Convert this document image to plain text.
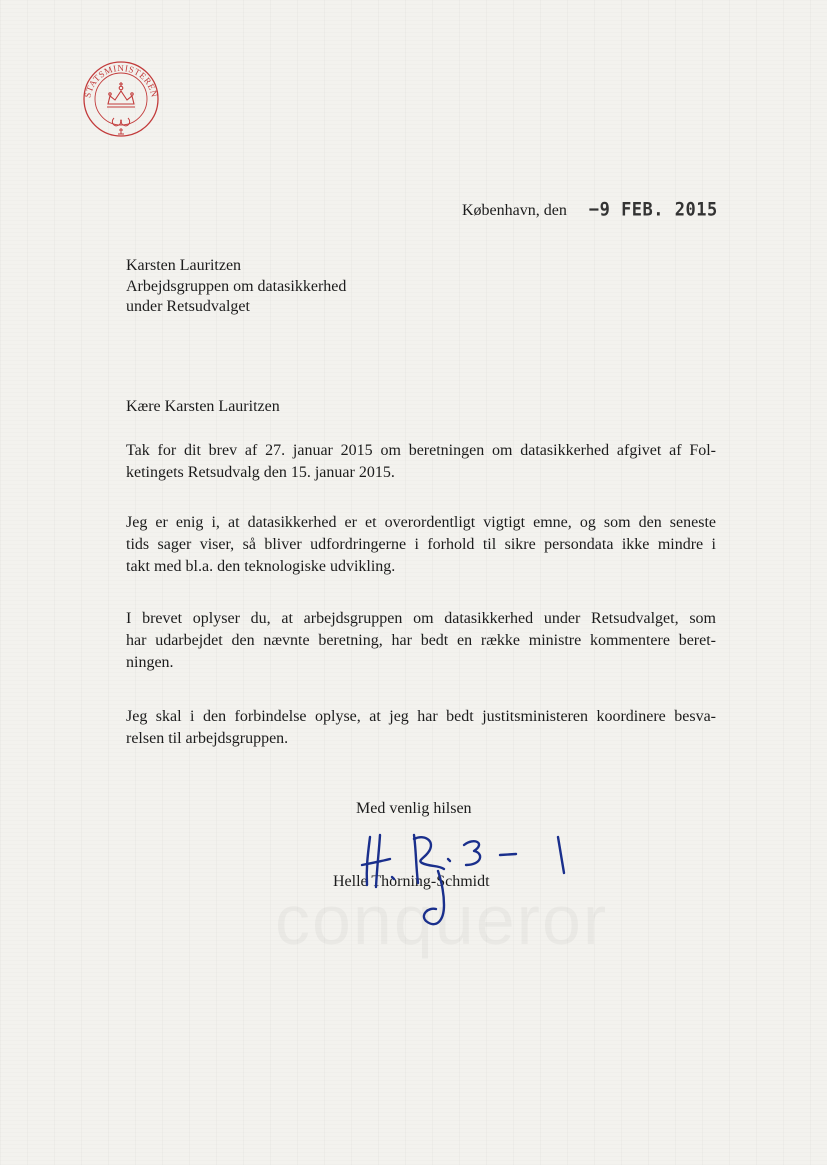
STATSMINISTEREN
København, den −9 FEB. 2015
Karsten Lauritzen
Arbejdsgruppen om datasikkerhed
under Retsudvalget
Kære Karsten Lauritzen
Tak for dit brev af 27. januar 2015 om beretningen om datasikkerhed afgivet af Fol-
ketingets Retsudvalg den 15. januar 2015.
Jeg er enig i, at datasikkerhed er et overordentligt vigtigt emne, og som den seneste
tids sager viser, så bliver udfordringerne i forhold til sikre persondata ikke mindre i
takt med bl.a. den teknologiske udvikling.
I brevet oplyser du, at arbejdsgruppen om datasikkerhed under Retsudvalget, som
har udarbejdet den nævnte beretning, har bedt en række ministre kommentere beret-
ningen.
Jeg skal i den forbindelse oplyse, at jeg har bedt justitsministeren koordinere besva-
relsen til arbejdsgruppen.
Med venlig hilsen
Helle Thorning-Schmidt
